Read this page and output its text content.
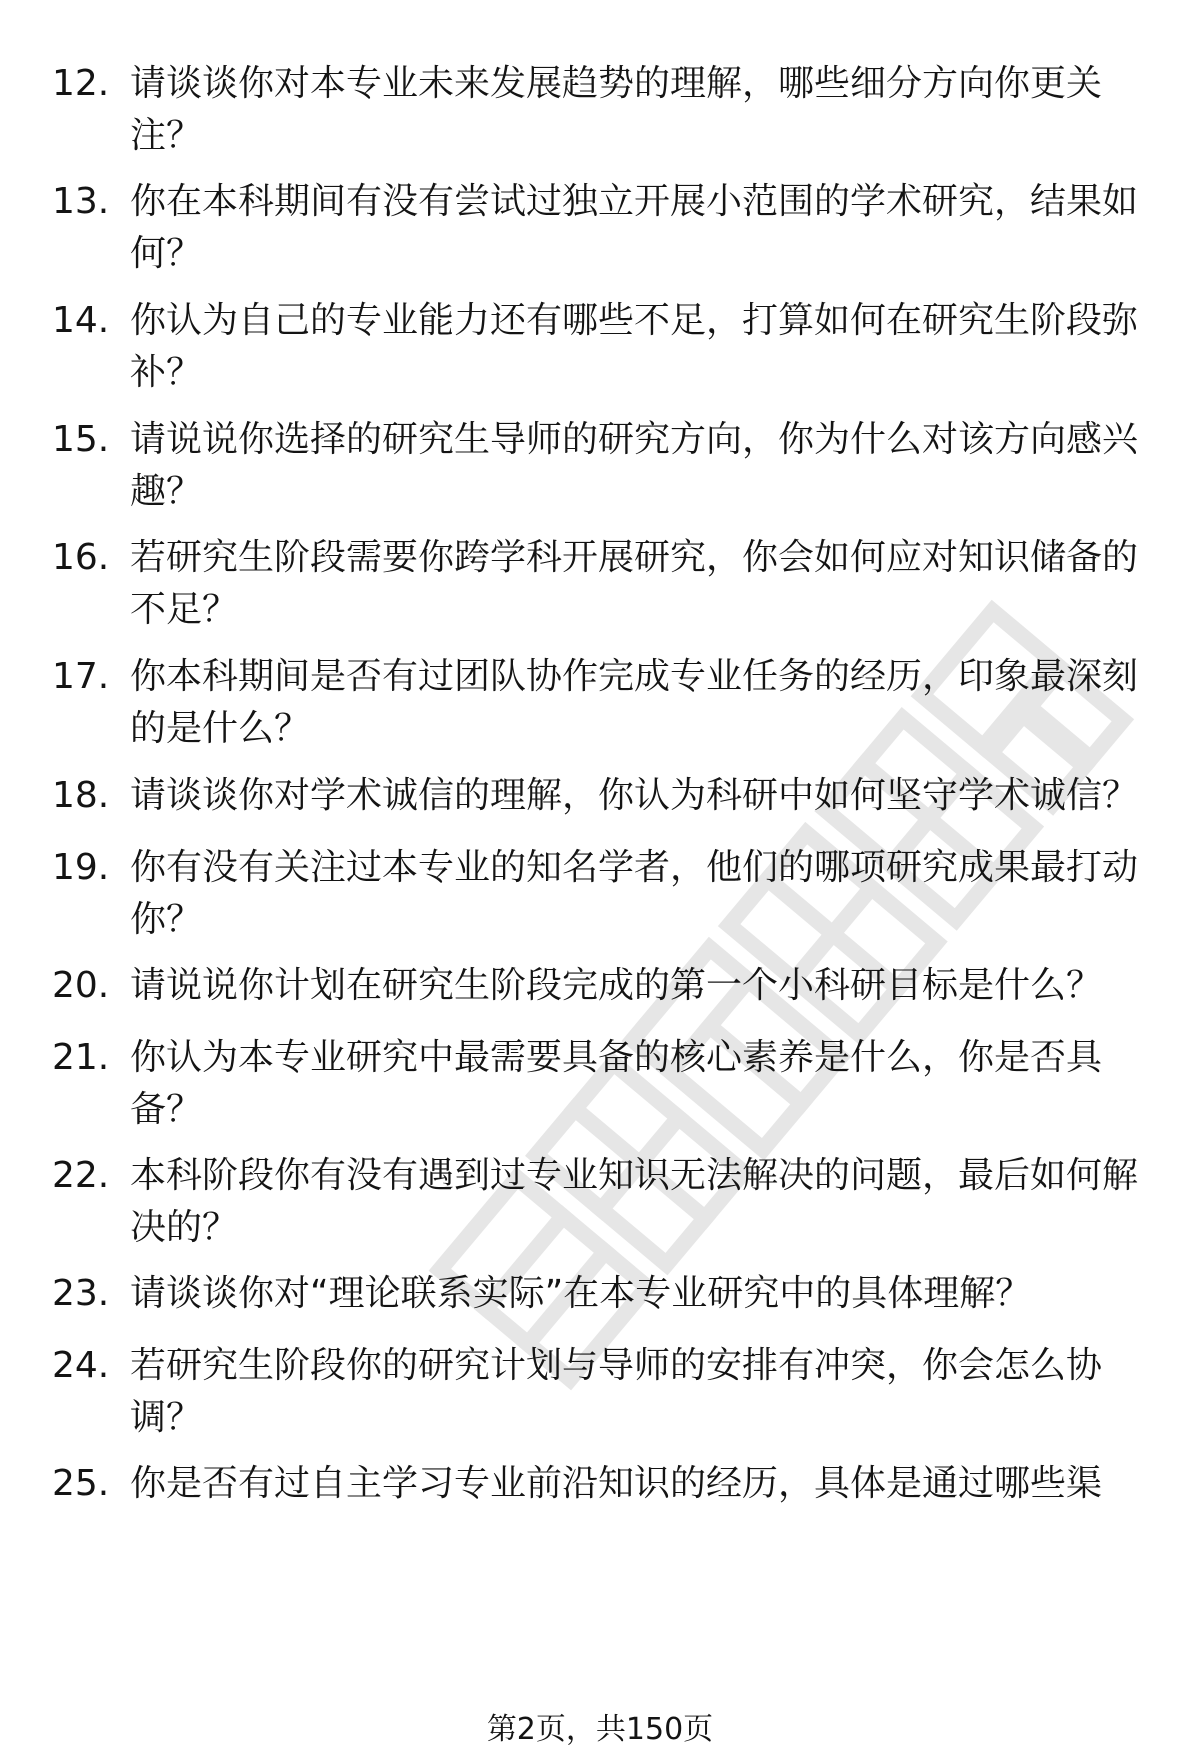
12. 请谈谈你对本专业未来发展趋势的理解，哪些细分方向你更关注？
13. 你在本科期间有没有尝试过独立开展小范围的学术研究，结果如何？
14. 你认为自己的专业能力还有哪些不足，打算如何在研究生阶段弥补？
15. 请说说你选择的研究生导师的研究方向，你为什么对该方向感兴趣？
16. 若研究生阶段需要你跨学科开展研究，你会如何应对知识储备的不足？
17. 你本科期间是否有过团队协作完成专业任务的经历，印象最深刻的是什么？
18. 请谈谈你对学术诚信的理解，你认为科研中如何坚守学术诚信？
19. 你有没有关注过本专业的知名学者，他们的哪项研究成果最打动你？
20. 请说说你计划在研究生阶段完成的第一个小科研目标是什么？
21. 你认为本专业研究中最需要具备的核心素养是什么，你是否具备？
22. 本科阶段你有没有遇到过专业知识无法解决的问题，最后如何解决的？
23. 请谈谈你对“理论联系实际”在本专业研究中的具体理解？
24. 若研究生阶段你的研究计划与导师的安排有冲突，你会怎么协调？
25. 你是否有过自主学习专业前沿知识的经历，具体是通过哪些渠
第2页，共150页
